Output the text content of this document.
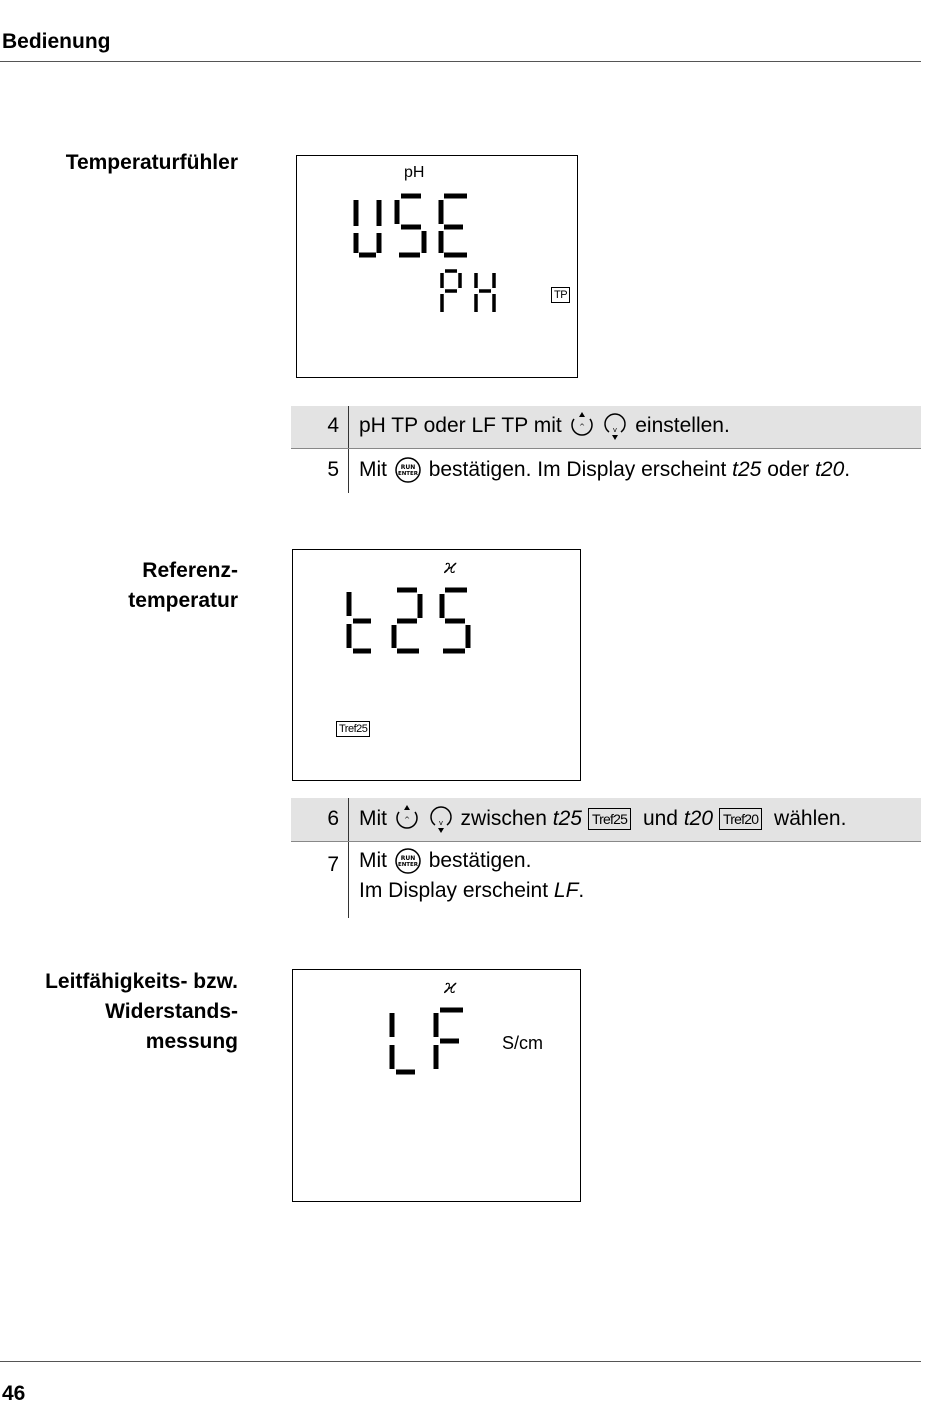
Bedienung
Temperaturfühler	pH
TP
4	pH TP oder LF TP mit ^
v einstellen.
5	Mit RUN
ENTER bestätigen. Im Display erscheint t25 oder t20.
Referenz-
temperatur
ϰ
Tref25
6	Mit ^
v zwischen t25 Tref25 und t20 Tref20 wählen.
7	Mit RUN
ENTER bestätigen.
Im Display erscheint LF.
Leitfähigkeits- bzw.
Widerstands-
messung
ϰ
S/cm
46
